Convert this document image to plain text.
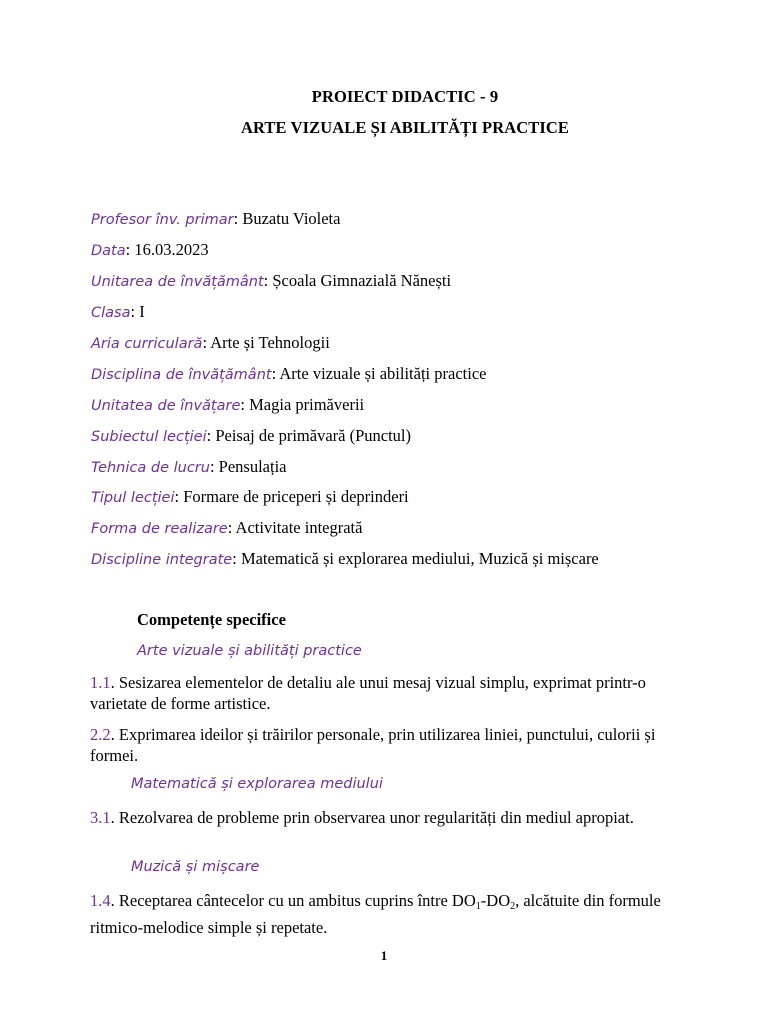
PROIECT DIDACTIC - 9
ARTE VIZUALE ȘI ABILITĂȚI PRACTICE
Profesor înv. primar: Buzatu Violeta
Data: 16.03.2023
Unitarea de învățământ: Școala Gimnazială Nănești
Clasa: I
Aria curriculară: Arte și Tehnologii
Disciplina de învățământ: Arte vizuale și abilități practice
Unitatea de învățare: Magia primăverii
Subiectul lecției: Peisaj de primăvară (Punctul)
Tehnica de lucru: Pensulația
Tipul lecției: Formare de priceperi și deprinderi
Forma de realizare: Activitate integrată
Discipline integrate: Matematică și explorarea mediului, Muzică și mișcare
Competențe specifice
Arte vizuale și abilități practice
1.1. Sesizarea elementelor de detaliu ale unui mesaj vizual simplu, exprimat printr-o varietate de forme artistice.
2.2. Exprimarea ideilor și trăirilor personale, prin utilizarea liniei, punctului, culorii și formei.
Matematică și explorarea mediului
3.1. Rezolvarea de probleme prin observarea unor regularități din mediul apropiat.
Muzică și mișcare
1.4. Receptarea cântecelor cu un ambitus cuprins între $DO_1-DO_2$, alcătuite din formule ritmico-melodice simple și repetate.
1
